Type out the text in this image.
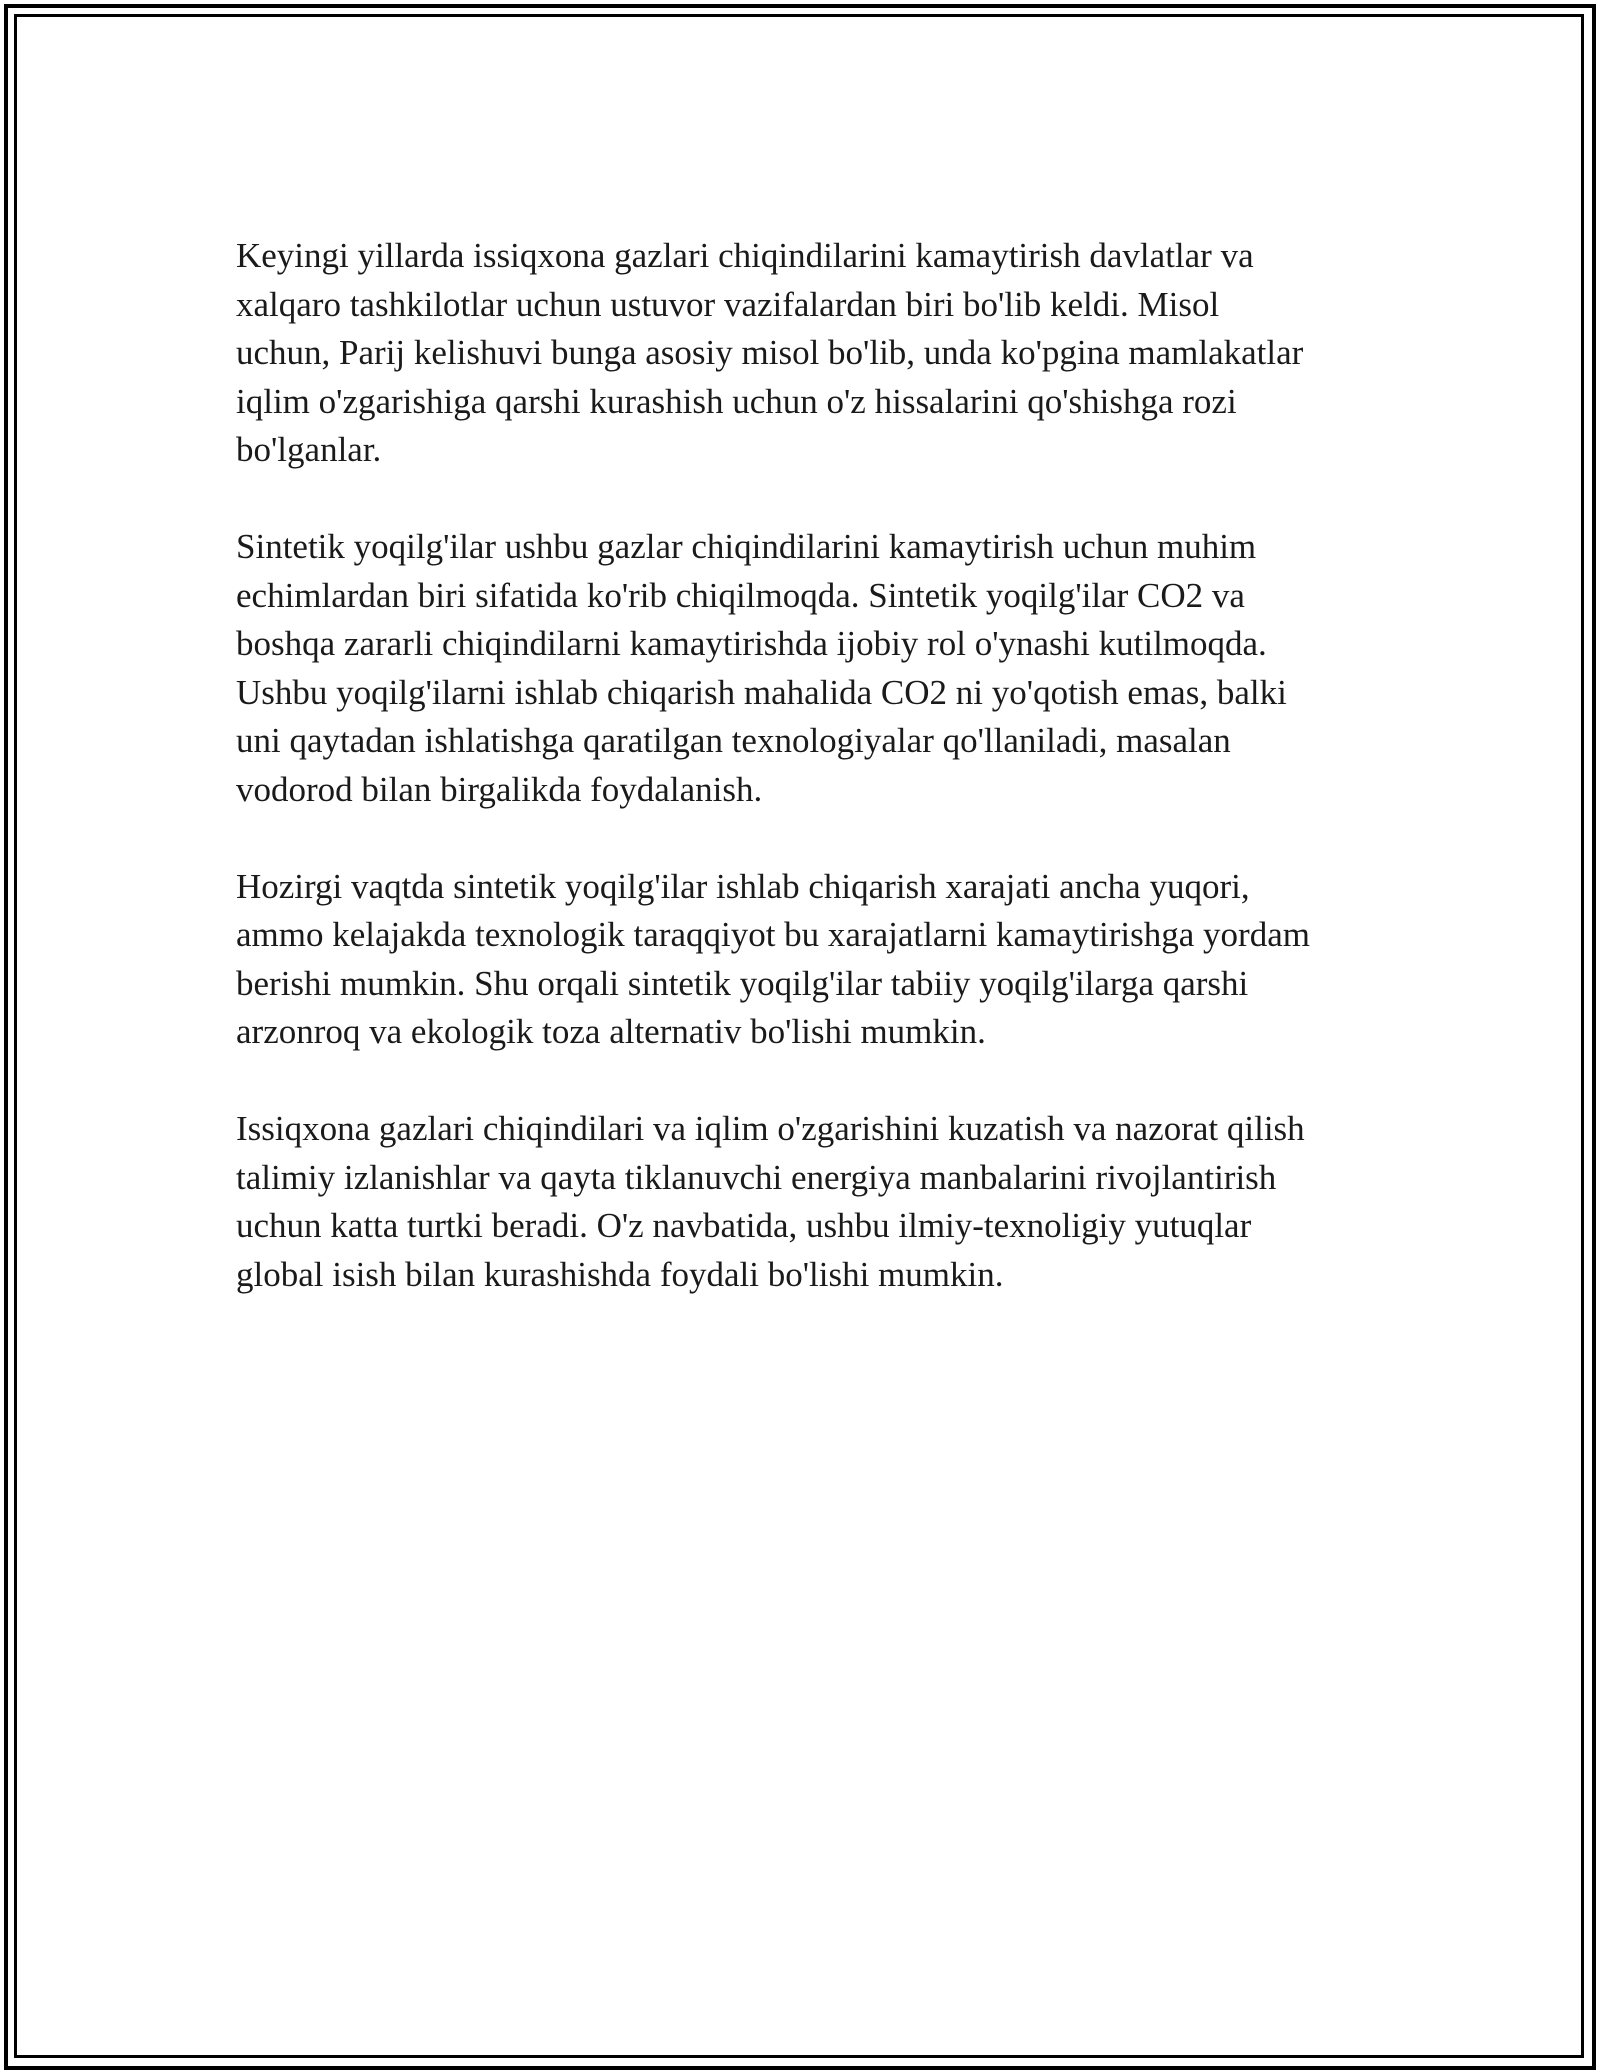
Keyingi yillarda issiqxona gazlari chiqindilarini kamaytirish davlatlar va
xalqaro tashkilotlar uchun ustuvor vazifalardan biri bo'lib keldi. Misol
uchun, Parij kelishuvi bunga asosiy misol bo'lib, unda ko'pgina mamlakatlar
iqlim o'zgarishiga qarshi kurashish uchun o'z hissalarini qo'shishga rozi
bo'lganlar.

Sintetik yoqilg'ilar ushbu gazlar chiqindilarini kamaytirish uchun muhim
echimlardan biri sifatida ko'rib chiqilmoqda. Sintetik yoqilg'ilar CO2 va
boshqa zararli chiqindilarni kamaytirishda ijobiy rol o'ynashi kutilmoqda.
Ushbu yoqilg'ilarni ishlab chiqarish mahalida CO2 ni yo'qotish emas, balki
uni qaytadan ishlatishga qaratilgan texnologiyalar qo'llaniladi, masalan
vodorod bilan birgalikda foydalanish.

Hozirgi vaqtda sintetik yoqilg'ilar ishlab chiqarish xarajati ancha yuqori,
ammo kelajakda texnologik taraqqiyot bu xarajatlarni kamaytirishga yordam
berishi mumkin. Shu orqali sintetik yoqilg'ilar tabiiy yoqilg'ilarga qarshi
arzonroq va ekologik toza alternativ bo'lishi mumkin.

Issiqxona gazlari chiqindilari va iqlim o'zgarishini kuzatish va nazorat qilish
talimiy izlanishlar va qayta tiklanuvchi energiya manbalarini rivojlantirish
uchun katta turtki beradi. O'z navbatida, ushbu ilmiy-texnoligiy yutuqlar
global isish bilan kurashishda foydali bo'lishi mumkin.
